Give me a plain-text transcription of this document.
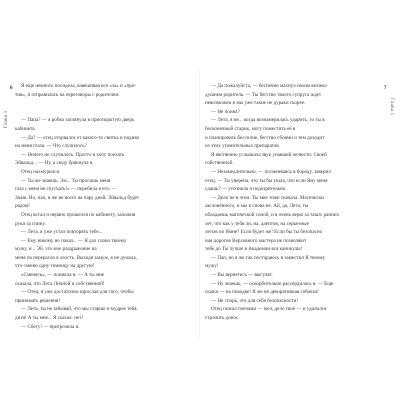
6
Глава 1
Я еще немного посидела, взвешивая все «за» и «про-
тив», и отправилась на переговоры с родителем.
— Папа? — я робко заглянула в приоткрытую дверь
кабинета.
— Да? — отец оторвался от какого-то свитка и поднял
на меня глаза. — Что случилось?
— Ничего не случилось. Просто я хочу поехать
Эйвальд... — Ну, а сюду брякнула я.
Отец нахмурился.
— Ты же знаешь. Эм... Ты просишь меня
глаз с меня не спускать!» — перебила я его. —
Знаю. Но, пап, я же не всего на пару дней. Эйвальд будет
рядом!
Отец встал и нервно прошелся по кабинету, заложив
руки за спину.
— Лета, я уже устал повторять тебе...
— Ему никому не показ... — Я дал слово твоему
мужу, и... Эй, это мое раздражение на
меня па перерасло в злость. Выходя замуж, я не думала,
что сменю одну темницу на другую!
«Сменясь», — поникла я. — А ты мне
сказала, что Лета Личной и собственной!
— Отец, я уже достаточно взрослая для того, чтобы
принимать решения!
— Лета, ты не забывай, что мы старше и мудрее тебя,
дитя! А ты мне... Я сказал: нет!
— Сбегу! — пригрозила я.
7
Глава 1
— Да пожалуйста, — беспечно махнул своим велико-
душием родитель. — Ты бегство твоего супруга ждет
невозможно и мы уже такие не дураки скорее.
— Не понял?
— Лета, я не... когда вознамерилась ударить, то ты в
бесконечный старик, могу поместить её в
и планировать бессилие, бегство сбоями и тем доходит
из этих утомительных препаратов.
Я явственно услышала звук упавшей челюсти. Своей
собственной.
— Незамедлительно, — посмеиваясь в бороду, заверил
отец. — Ты уверена, что ты бы ушла, что если Яну меня
сдашь? — уточнила я подозрительно.
— Дело не в этом. Ты мне тоже сначала. Магически
заслонённого, и мы к снова не. Ай, да, Лета, ты
обладаешь магической силой, и я очень верю за таких ранних
лет, что как у тебя ли, на, адептов, на серьезные
летом по Ямне? Если будет же! Если бы ты безопасно
ная дорогие Верховного мастера не позволяют
тебе до Ты лучше в Академии вся каникулы!
— Пап, но я же так постараюсь в заместил Я твоему
мужу!
— Вы вернетесь — выгулят.
— Ну знаешь, — оскорбительно рассердилась я. — Еще
скажи — на поводке! Я же не декоративная собачка!
— Не спорь, это для себя безопасности!
Отец пожал плечами — мол, дело твое — и удалился
строчить донос.
